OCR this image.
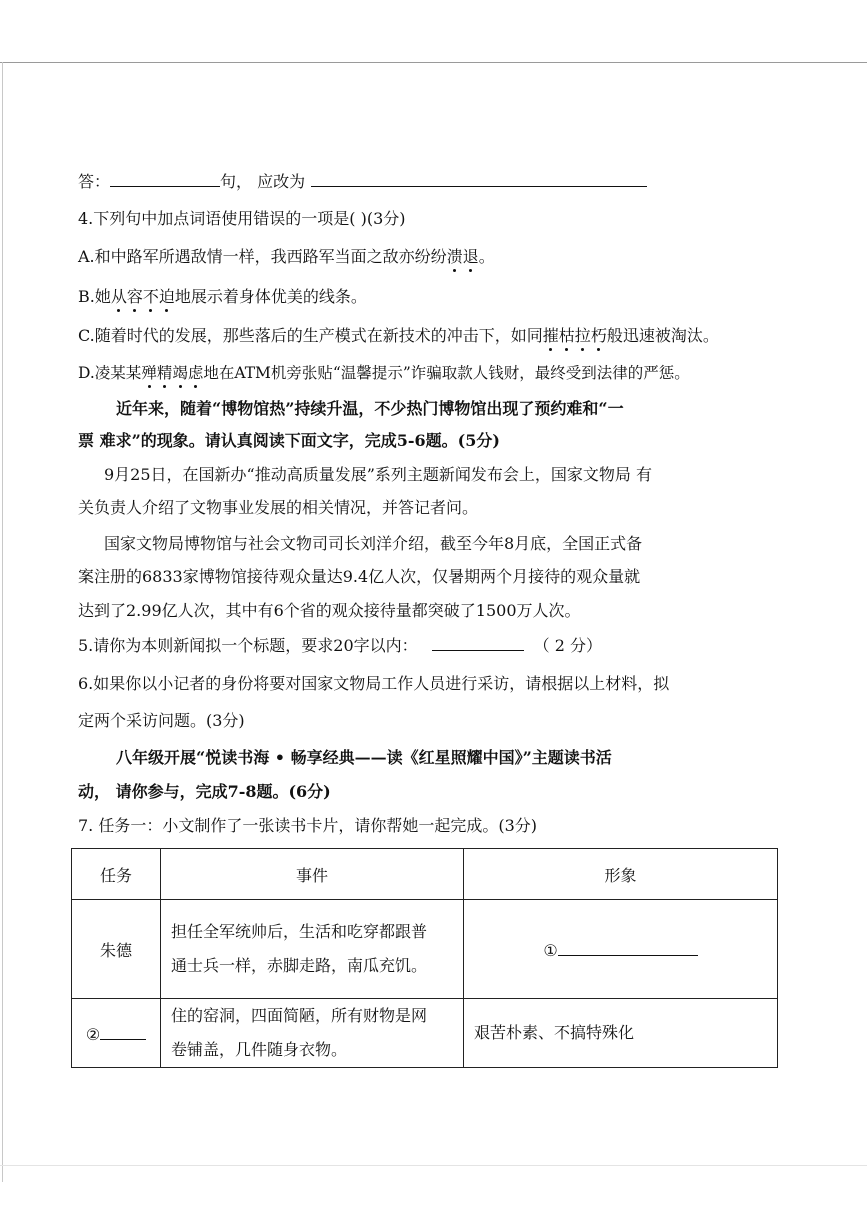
答：	句， 应改为
4.下列句中加点词语使用错误的一项是( )(3分)
A.和中路军所遇敌情一样，我西路军当面之敌亦纷纷溃退。
B.她从容不迫地展示着身体优美的线条。
C.随着时代的发展，那些落后的生产模式在新技术的冲击下，如同摧枯拉朽般迅速被淘汰。
D.凌某某殚精竭虑地在ATM机旁张贴“温馨提示”诈骗取款人钱财，最终受到法律的严惩。
近年来，随着“博物馆热”持续升温，不少热门博物馆出现了预约难和“一
票 难求”的现象。请认真阅读下面文字，完成5-6题。(5分)
9月25日，在国新办“推动高质量发展”系列主题新闻发布会上，国家文物局 有
关负责人介绍了文物事业发展的相关情况，并答记者问。
国家文物局博物馆与社会文物司司长刘洋介绍，截至今年8月底，全国正式备
案注册的6833家博物馆接待观众量达9.4亿人次，仅暑期两个月接待的观众量就
达到了2.99亿人次，其中有6个省的观众接待量都突破了1500万人次。
5.请你为本则新闻拟一个标题，要求20字以内：	（ 2 分）
6.如果你以小记者的身份将要对国家文物局工作人员进行采访，请根据以上材料，拟
定两个采访问题。(3分)
八年级开展“悦读书海 • 畅享经典——读《红星照耀中国》”主题读书活
动， 请你参与，完成7-8题。(6分)
7. 任务一：小文制作了一张读书卡片，请你帮她一起完成。(3分)
任务	事件	形象
朱德	担任全军统帅后，生活和吃穿都跟普
通士兵一样，赤脚走路，南瓜充饥。	①
②	住的窑洞，四面简陋，所有财物是网
卷铺盖，几件随身衣物。	艰苦朴素、不搞特殊化
